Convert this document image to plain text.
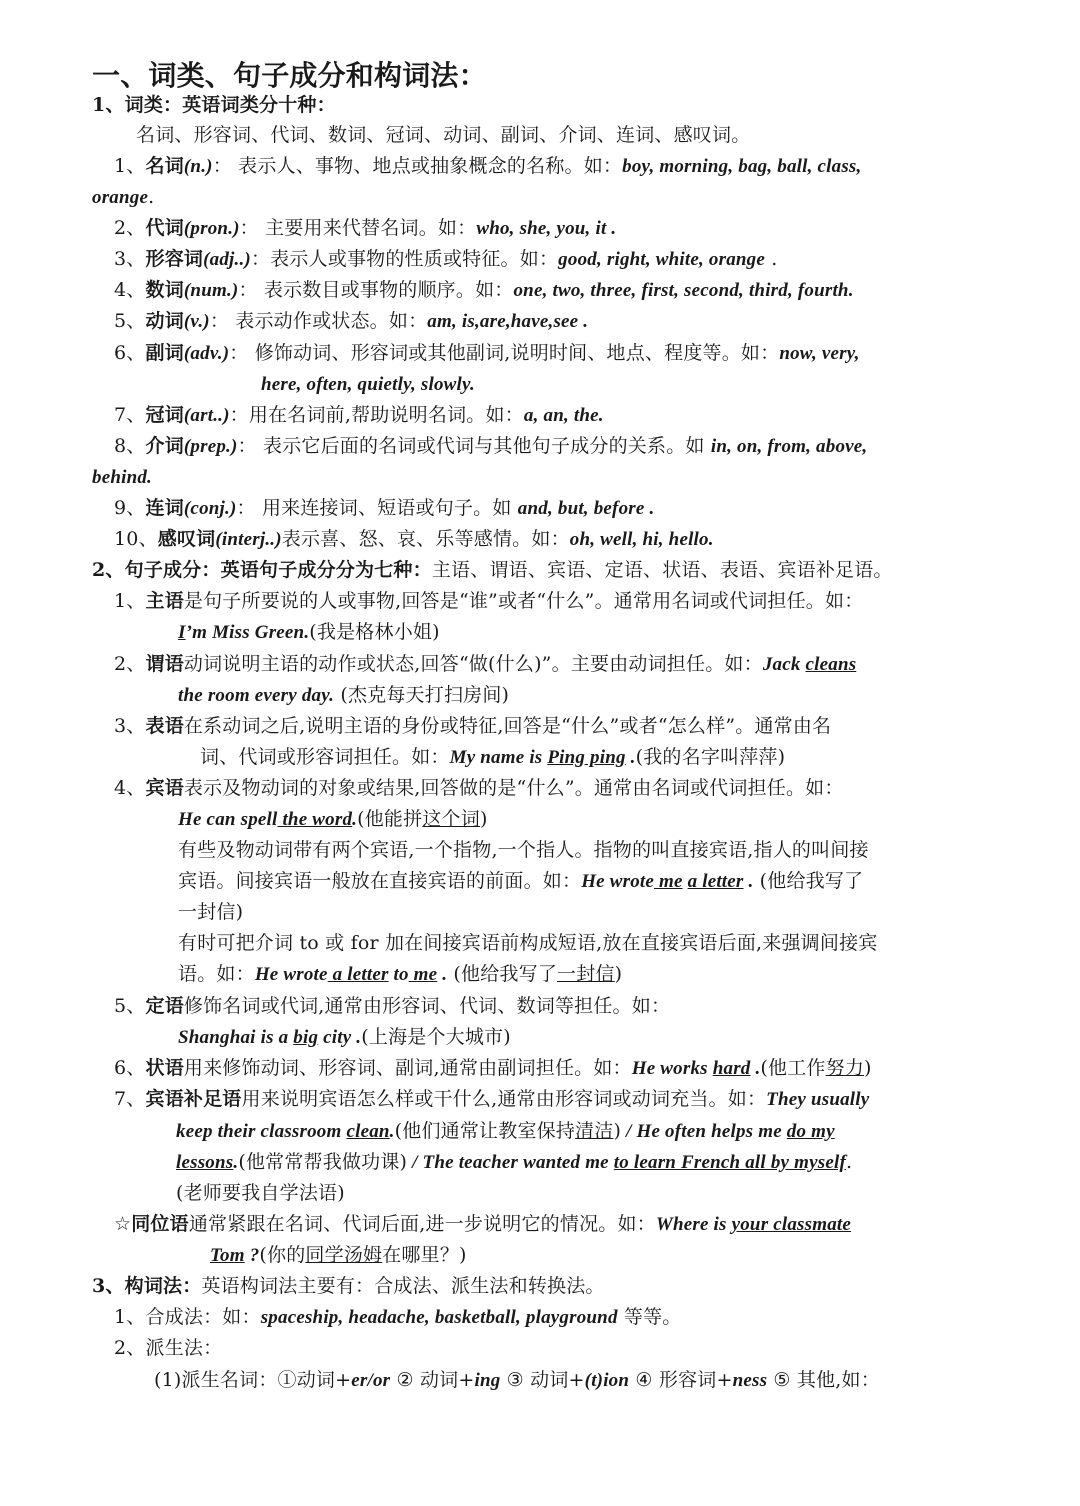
一、词类、句子成分和构词法：
1、词类：英语词类分十种：
名词、形容词、代词、数词、冠词、动词、副词、介词、连词、感叹词。
1、名词(n.)： 表示人、事物、地点或抽象概念的名称。如：boy, morning, bag, ball, class,
orange.
2、代词(pron.)： 主要用来代替名词。如：who, she, you, it .
3、形容词(adj..)：表示人或事物的性质或特征。如：good, right, white, orange .
4、数词(num.)： 表示数目或事物的顺序。如：one, two, three, first, second, third, fourth.
5、动词(v.)： 表示动作或状态。如：am, is,are,have,see .
6、副词(adv.)： 修饰动词、形容词或其他副词,说明时间、地点、程度等。如：now, very,
here, often, quietly, slowly.
7、冠词(art..)：用在名词前,帮助说明名词。如：a, an, the.
8、介词(prep.)： 表示它后面的名词或代词与其他句子成分的关系。如 in, on, from, above,
behind.
9、连词(conj.)： 用来连接词、短语或句子。如 and, but, before .
10、感叹词(interj..)表示喜、怒、哀、乐等感情。如：oh, well, hi, hello.
2、句子成分：英语句子成分分为七种：主语、谓语、宾语、定语、状语、表语、宾语补足语。
1、主语是句子所要说的人或事物,回答是“谁”或者“什么”。通常用名词或代词担任。如：
I’m Miss Green.(我是格林小姐)
2、谓语动词说明主语的动作或状态,回答“做(什么)”。主要由动词担任。如：Jack cleans
the room every day. (杰克每天打扫房间)
3、表语在系动词之后,说明主语的身份或特征,回答是“什么”或者“怎么样”。通常由名
词、代词或形容词担任。如：My name is Ping ping .(我的名字叫萍萍)
4、宾语表示及物动词的对象或结果,回答做的是“什么”。通常由名词或代词担任。如：
He can spell the word.(他能拼这个词)
有些及物动词带有两个宾语,一个指物,一个指人。指物的叫直接宾语,指人的叫间接
宾语。间接宾语一般放在直接宾语的前面。如：He wrote me a letter . (他给我写了
一封信)
有时可把介词 to 或 for 加在间接宾语前构成短语,放在直接宾语后面,来强调间接宾
语。如：He wrote a letter to me . (他给我写了一封信)
5、定语修饰名词或代词,通常由形容词、代词、数词等担任。如：
Shanghai is a big city .(上海是个大城市)
6、状语用来修饰动词、形容词、副词,通常由副词担任。如：He works hard .(他工作努力)
7、宾语补足语用来说明宾语怎么样或干什么,通常由形容词或动词充当。如：They usually
keep their classroom clean.(他们通常让教室保持清洁) / He often helps me do my
lessons.(他常常帮我做功课) / The teacher wanted me to learn French all by myself.
(老师要我自学法语)
☆同位语通常紧跟在名词、代词后面,进一步说明它的情况。如：Where is your classmate
Tom ?(你的同学汤姆在哪里？)
3、构词法：英语构词法主要有：合成法、派生法和转换法。
1、合成法：如：spaceship, headache, basketball, playground 等等。
2、派生法：
(1)派生名词：①动词+er/or ② 动词+ing ③ 动词+(t)ion ④ 形容词+ness ⑤ 其他,如：
